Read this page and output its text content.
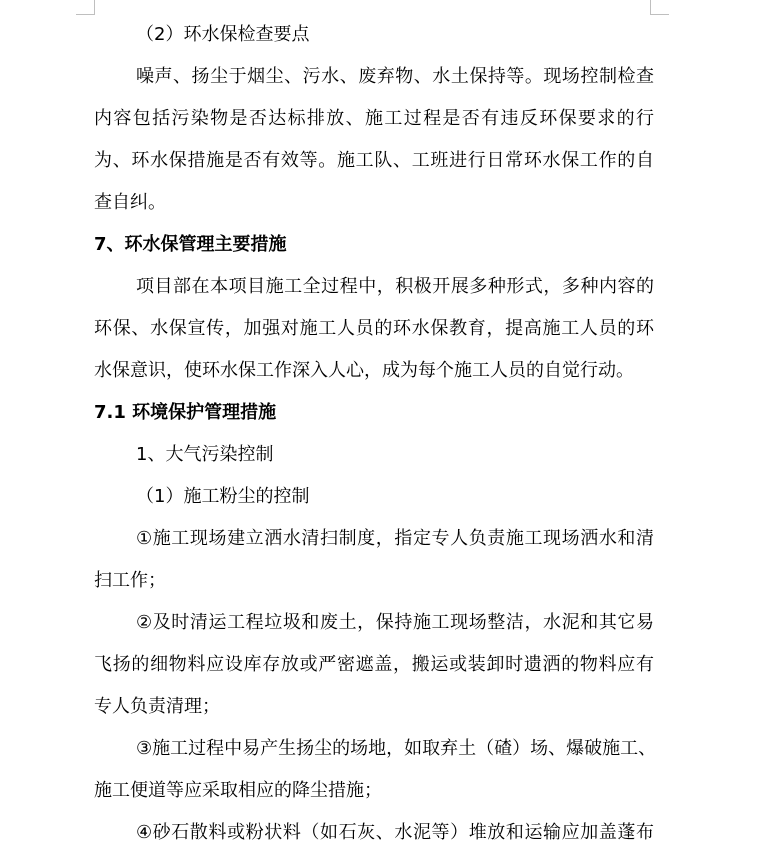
（2）环水保检查要点
噪声、扬尘于烟尘、污水、废弃物、水土保持等。现场控制检查
内容包括污染物是否达标排放、施工过程是否有违反环保要求的行
为、环水保措施是否有效等。施工队、工班进行日常环水保工作的自
查自纠。
7、环水保管理主要措施
项目部在本项目施工全过程中，积极开展多种形式，多种内容的
环保、水保宣传，加强对施工人员的环水保教育，提高施工人员的环
水保意识，使环水保工作深入人心，成为每个施工人员的自觉行动。
7.1 环境保护管理措施
1、大气污染控制
（1）施工粉尘的控制
①施工现场建立洒水清扫制度，指定专人负责施工现场洒水和清
扫工作；
②及时清运工程垃圾和废土，保持施工现场整洁，水泥和其它易
飞扬的细物料应设库存放或严密遮盖，搬运或装卸时遗洒的物料应有
专人负责清理；
③施工过程中易产生扬尘的场地，如取弃土（碴）场、爆破施工、
施工便道等应采取相应的降尘措施；
④砂石散料或粉状料（如石灰、水泥等）堆放和运输应加盖蓬布
